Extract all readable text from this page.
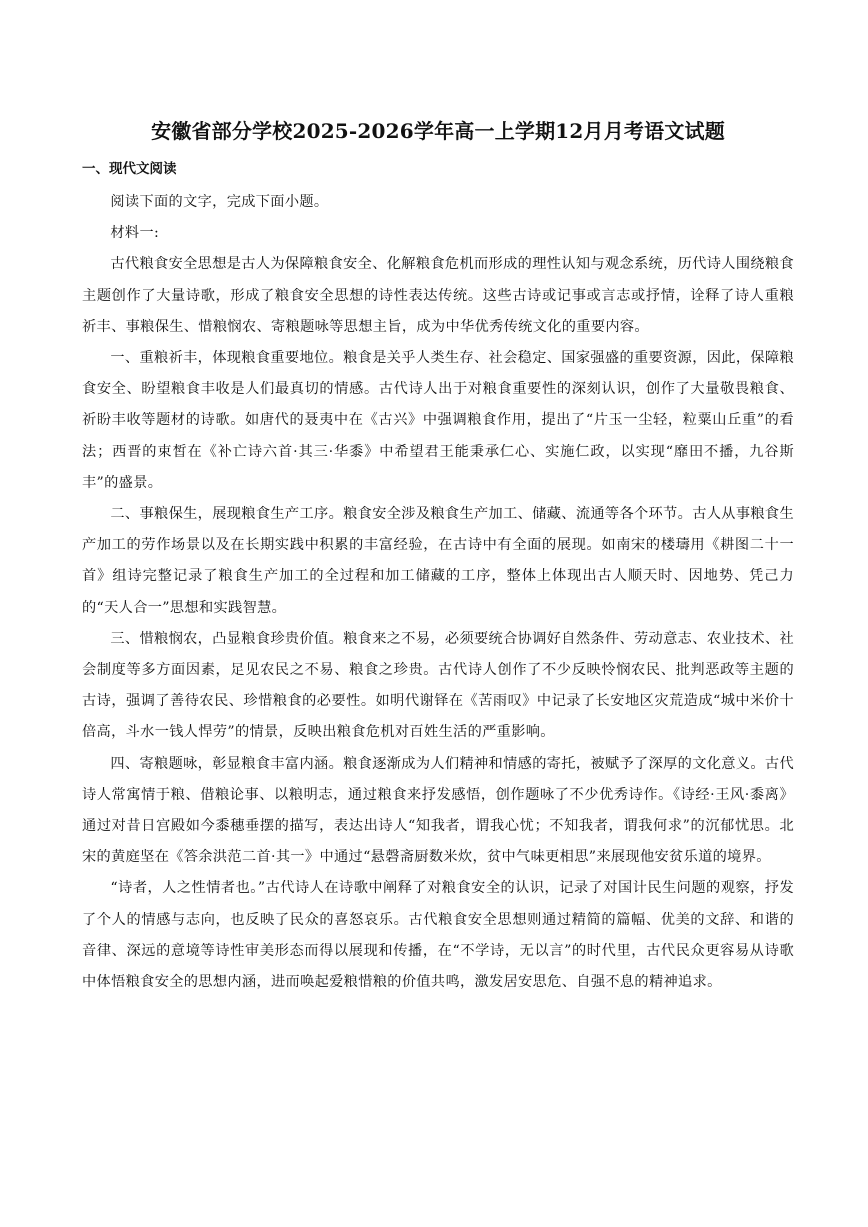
安徽省部分学校2025-2026学年高一上学期12月月考语文试题
一、现代文阅读

阅读下面的文字，完成下面小题。

材料一:

古代粮食安全思想是古人为保障粮食安全、化解粮食危机而形成的理性认知与观念系统，历代诗人围绕粮食主题创作了大量诗歌，形成了粮食安全思想的诗性表达传统。这些古诗或记事或言志或抒情，诠释了诗人重粮祈丰、事粮保生、惜粮悯农、寄粮题咏等思想主旨，成为中华优秀传统文化的重要内容。

一、重粮祈丰，体现粮食重要地位。粮食是关乎人类生存、社会稳定、国家强盛的重要资源，因此，保障粮食安全、盼望粮食丰收是人们最真切的情感。古代诗人出于对粮食重要性的深刻认识，创作了大量敬畏粮食、祈盼丰收等题材的诗歌。如唐代的聂夷中在《古兴》中强调粮食作用，提出了“片玉一尘轻，粒粟山丘重”的看法；西晋的束皙在《补亡诗六首·其三·华黍》中希望君王能秉承仁心、实施仁政，以实现“靡田不播，九谷斯丰”的盛景。

二、事粮保生，展现粮食生产工序。粮食安全涉及粮食生产加工、储藏、流通等各个环节。古人从事粮食生产加工的劳作场景以及在长期实践中积累的丰富经验，在古诗中有全面的展现。如南宋的楼璹用《耕图二十一首》组诗完整记录了粮食生产加工的全过程和加工储藏的工序，整体上体现出古人顺天时、因地势、凭己力的“天人合一”思想和实践智慧。

三、惜粮悯农，凸显粮食珍贵价值。粮食来之不易，必须要统合协调好自然条件、劳动意志、农业技术、社会制度等多方面因素，足见农民之不易、粮食之珍贵。古代诗人创作了不少反映怜悯农民、批判恶政等主题的古诗，强调了善待农民、珍惜粮食的必要性。如明代谢铎在《苦雨叹》中记录了长安地区灾荒造成“城中米价十倍高，斗水一钱人悍劳”的情景，反映出粮食危机对百姓生活的严重影响。

四、寄粮题咏，彰显粮食丰富内涵。粮食逐渐成为人们精神和情感的寄托，被赋予了深厚的文化意义。古代诗人常寓情于粮、借粮论事、以粮明志，通过粮食来抒发感悟，创作题咏了不少优秀诗作。《诗经·王风·黍离》通过对昔日宫殿如今黍穗垂摆的描写，表达出诗人“知我者，谓我心忧；不知我者，谓我何求”的沉郁忧思。北宋的黄庭坚在《答余洪范二首·其一》中通过“悬磬斋厨数米炊，贫中气味更相思”来展现他安贫乐道的境界。

“诗者，人之性情者也。”古代诗人在诗歌中阐释了对粮食安全的认识，记录了对国计民生问题的观察，抒发了个人的情感与志向，也反映了民众的喜怒哀乐。古代粮食安全思想则通过精简的篇幅、优美的文辞、和谐的音律、深远的意境等诗性审美形态而得以展现和传播，在“不学诗，无以言”的时代里，古代民众更容易从诗歌中体悟粮食安全的思想内涵，进而唤起爱粮惜粮的价值共鸣，激发居安思危、自强不息的精神追求。
